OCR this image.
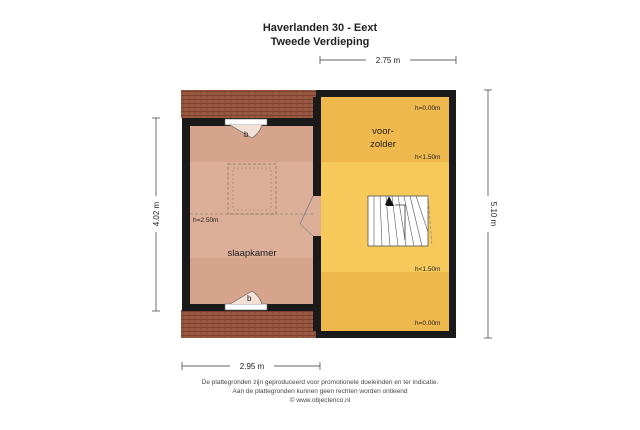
Haverlanden 30 - Eext
Tweede Verdieping
2.75 m
2.95 m
4.02 m	5.10 m
slaapkamer
voor-
zolder
h=0.00m
h<1.50m
h<1.50m
h=0.00m
h=2.50m
b
b
De plattegronden zijn geproduceerd voor promotionele doeleinden en ter indicatie.
Aan de plattegronden kunnen geen rechten worden ontleend
© www.objectenco.nl
